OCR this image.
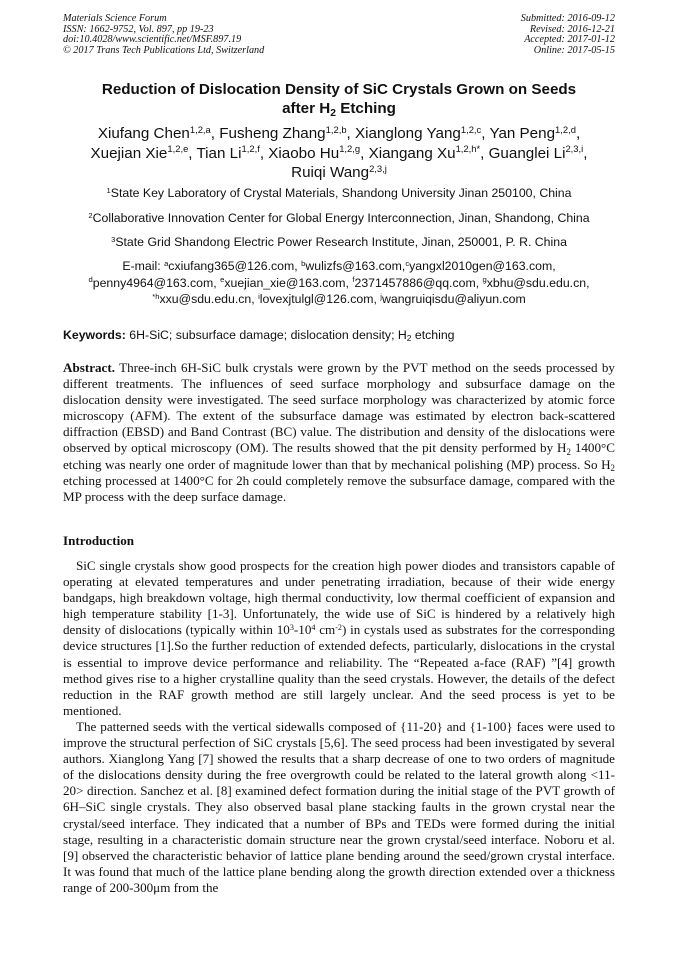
Materials Science Forum
ISSN: 1662-9752, Vol. 897, pp 19-23
doi:10.4028/www.scientific.net/MSF.897.19
© 2017 Trans Tech Publications Ltd, Switzerland
Submitted: 2016-09-12
Revised: 2016-12-21
Accepted: 2017-01-12
Online: 2017-05-15
Reduction of Dislocation Density of SiC Crystals Grown on Seeds
after $H_2$ Etching
Xiufang Chen$^{1,2,a}$, Fusheng Zhang$^{1,2,b}$, Xianglong Yang$^{1,2,c}$, Yan Peng$^{1,2,d}$,
Xuejian Xie$^{1,2,e}$, Tian Li$^{1,2,f}$, Xiaobo Hu$^{1,2,g}$, Xiangang $Xu^{1,2,h*}$, Guanglei Li$^{2,3,i}$,
Ruiqi Wang$^{2,3,j}$
$^1$State Key Laboratory of Crystal Materials, Shandong University Jinan 250100, China
$^2$Collaborative Innovation Center for Global Energy Interconnection, Jinan, Shandong, China
$^3$State Grid Shandong Electric Power Research Institute, Jinan, 250001, P. R. China
E-mail: $^a$cxiufang365@126.com, $^b$wulizfs@163.com,$^c$yangxl2010gen@163.com,
$^d$penny4964@163.com, $^e$xuejian_xie@163.com, $^f$2371457886@qq.com, $^g$xbhu@sdu.edu.cn,
$^{*h}$xxu@sdu.edu.cn, $^i$lovexjtulgl@126.com, $^j$wangruiqisdu@aliyun.com
Keywords: 6H-SiC; subsurface damage; dislocation density; $H_2$ etching

Abstract. Three-inch 6H-SiC bulk crystals were grown by the PVT method on the seeds processed by different treatments. The influences of seed surface morphology and subsurface damage on the dislocation density were investigated. The seed surface morphology was characterized by atomic force microscopy (AFM). The extent of the subsurface damage was estimated by electron back-scattered diffraction (EBSD) and Band Contrast (BC) value. The distribution and density of the dislocations were observed by optical microscopy (OM). The results showed that the pit density performed by $H_2$ 1400°C etching was nearly one order of magnitude lower than that by mechanical polishing (MP) process. So $H_2$ etching processed at 1400°C for 2h could completely remove the subsurface damage, compared with the MP process with the deep surface damage.

Introduction

SiC single crystals show good prospects for the creation high power diodes and transistors capable of operating at elevated temperatures and under penetrating irradiation, because of their wide energy bandgaps, high breakdown voltage, high thermal conductivity, low thermal coefficient of expansion and high temperature stability [1-3]. Unfortunately, the wide use of SiC is hindered by a relatively high density of dislocations (typically within $10^3-10^4$ $cm^{-2}$) in cystals used as substrates for the corresponding device structures [1].So the further reduction of extended defects, particularly, dislocations in the crystal is essential to improve device performance and reliability. The “Repeated a-face (RAF) ”[4] growth method gives rise to a higher crystalline quality than the seed crystals. However, the details of the defect reduction in the RAF growth method are still largely unclear. And the seed process is yet to be mentioned.

The patterned seeds with the vertical sidewalls composed of {11-20} and {1-100} faces were used to improve the structural perfection of SiC crystals [5,6]. The seed process had been investigated by several authors. Xianglong Yang [7] showed the results that a sharp decrease of one to two orders of magnitude of the dislocations density during the free overgrowth could be related to the lateral growth along <11-20> direction. Sanchez et al. [8] examined defect formation during the initial stage of the PVT growth of 6H–SiC single crystals. They also observed basal plane stacking faults in the grown crystal near the crystal/seed interface. They indicated that a number of BPs and TEDs were formed during the initial stage, resulting in a characteristic domain structure near the grown crystal/seed interface. Noboru et al. [9] observed the characteristic behavior of lattice plane bending around the seed/grown crystal interface. It was found that much of the lattice plane bending along the growth direction extended over a thickness range of 200-300μm from the
